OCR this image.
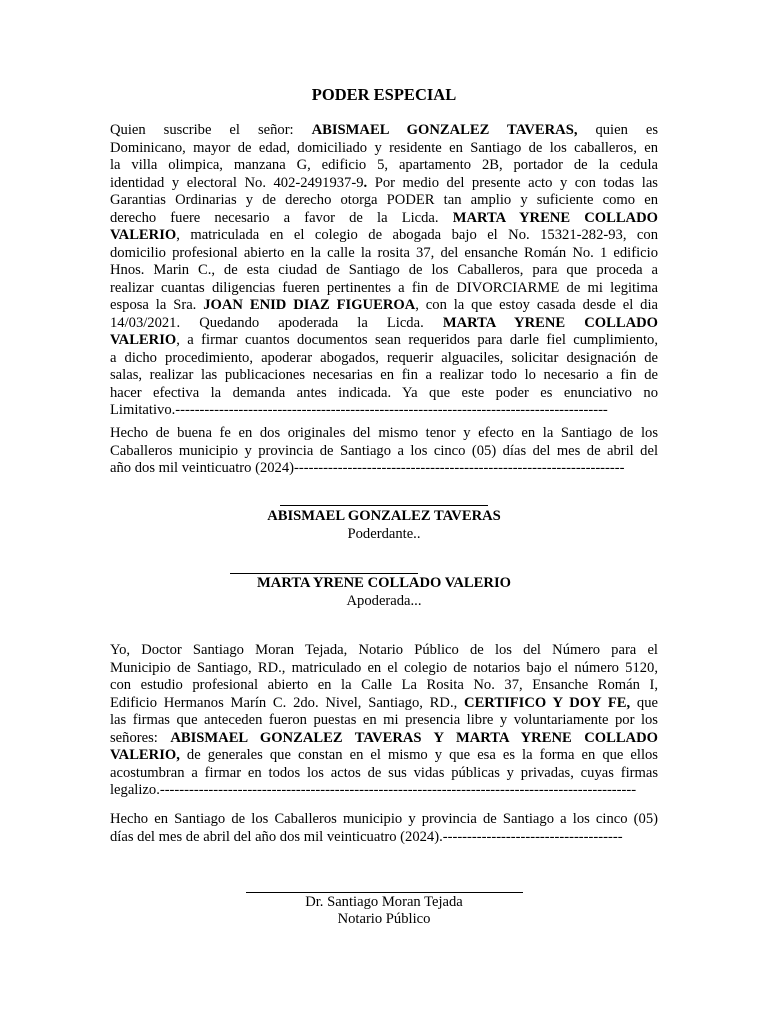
PODER ESPECIAL
Quien suscribe el señor: ABISMAEL GONZALEZ TAVERAS, quien es
Dominicano, mayor de edad, domiciliado y residente en Santiago de los caballeros, en
la villa olimpica, manzana G, edificio 5, apartamento 2B, portador de la cedula
identidad y electoral No. 402-2491937-9. Por medio del presente acto y con todas las
Garantias Ordinarias y de derecho otorga PODER tan amplio y suficiente como en
derecho fuere necesario a favor de la Licda. MARTA YRENE COLLADO
VALERIO, matriculada en el colegio de abogada bajo el No. 15321-282-93, con
domicilio profesional abierto en la calle la rosita 37, del ensanche Román No. 1 edificio
Hnos. Marin C., de esta ciudad de Santiago de los Caballeros, para que proceda a
realizar cuantas diligencias fueren pertinentes a fin de DIVORCIARME de mi legitima
esposa la Sra. JOAN ENID DIAZ FIGUEROA, con la que estoy casada desde el dia
14/03/2021. Quedando apoderada la Licda. MARTA YRENE COLLADO
VALERIO, a firmar cuantos documentos sean requeridos para darle fiel cumplimiento,
a dicho procedimiento, apoderar abogados, requerir alguaciles, solicitar designación de
salas, realizar las publicaciones necesarias en fin a realizar todo lo necesario a fin de
hacer efectiva la demanda antes indicada. Ya que este poder es enunciativo no
Limitativo.-----------------------------------------------------------------------------------------
Hecho de buena fe en dos originales del mismo tenor y efecto en la Santiago de los
Caballeros municipio y provincia de Santiago a los cinco (05) días del mes de abril del
año dos mil veinticuatro (2024)--------------------------------------------------------------------
ABISMAEL GONZALEZ TAVERAS
Poderdante..
MARTA YRENE COLLADO VALERIO
Apoderada...
Yo, Doctor Santiago Moran Tejada, Notario Público de los del Número para el
Municipio de Santiago, RD., matriculado en el colegio de notarios bajo el número 5120,
con estudio profesional abierto en la Calle La Rosita No. 37, Ensanche Román I,
Edificio Hermanos Marín C. 2do. Nivel, Santiago, RD., CERTIFICO Y DOY FE, que
las firmas que anteceden fueron puestas en mi presencia libre y voluntariamente por los
señores: ABISMAEL GONZALEZ TAVERAS Y MARTA YRENE COLLADO
VALERIO, de generales que constan en el mismo y que esa es la forma en que ellos
acostumbran a firmar en todos los actos de sus vidas públicas y privadas, cuyas firmas
legalizo.--------------------------------------------------------------------------------------------------
Hecho en Santiago de los Caballeros municipio y provincia de Santiago a los cinco (05)
días del mes de abril del año dos mil veinticuatro (2024).-------------------------------------
Dr. Santiago Moran Tejada
Notario Público
